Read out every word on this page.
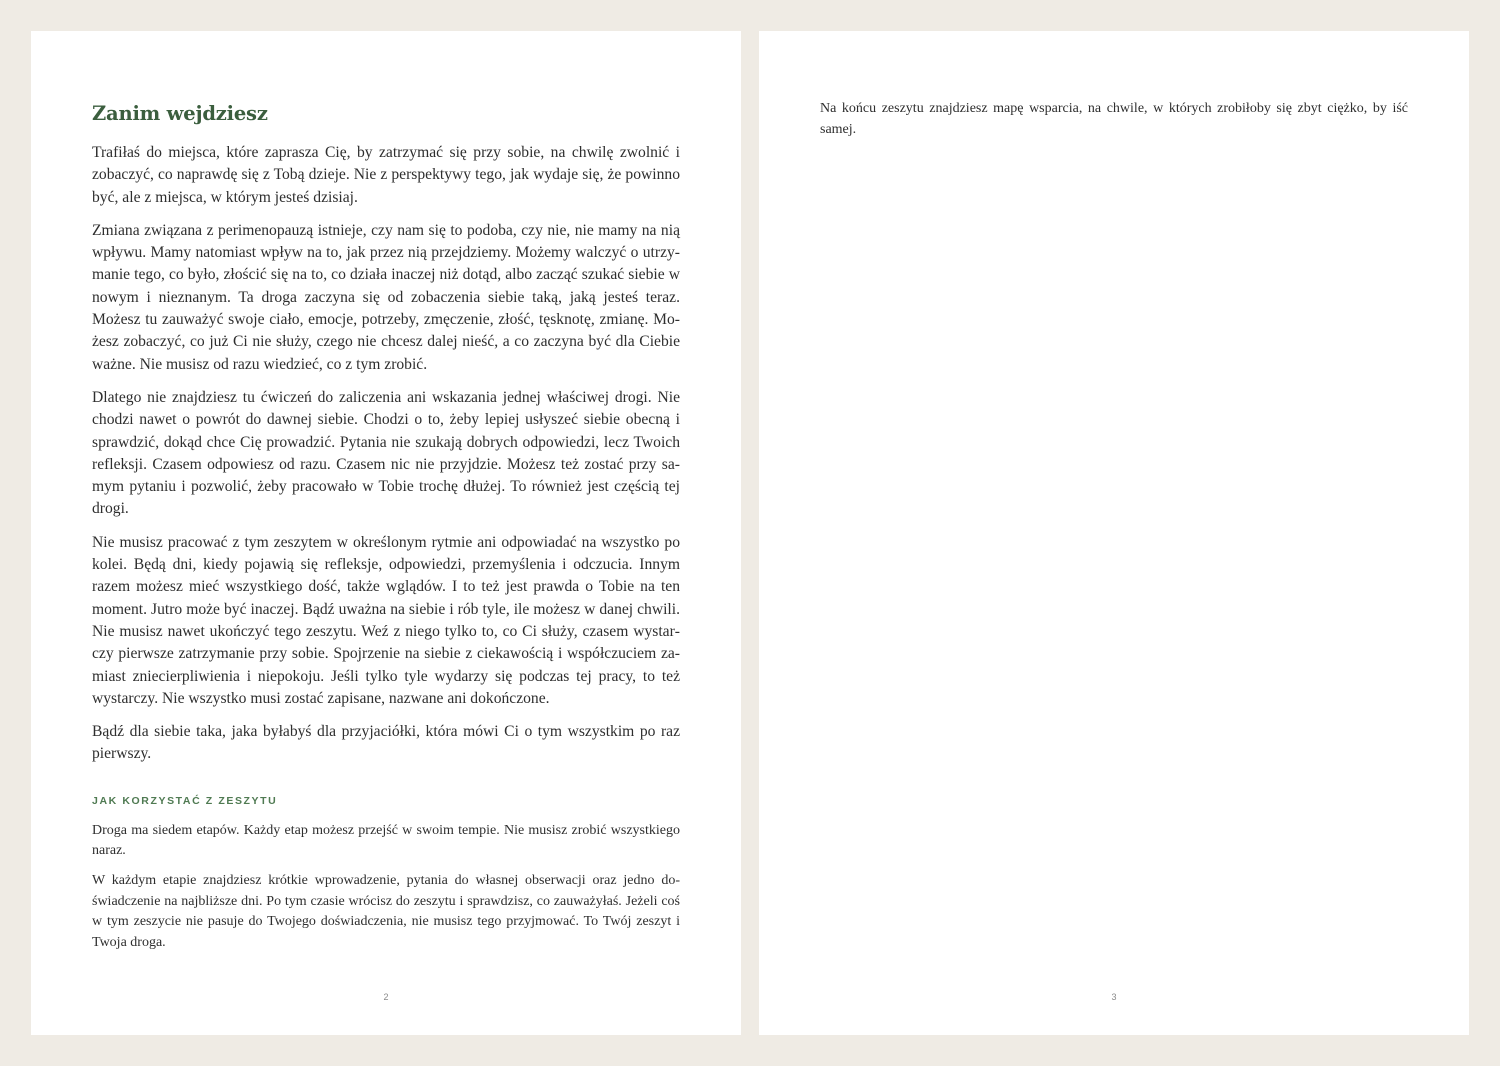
Zanim wejdziesz

Trafiłaś do miejsca, które zaprasza Cię, by zatrzymać się przy sobie, na chwilę zwolnić i zobaczyć, co naprawdę się z Tobą dzieje. Nie z perspektywy tego, jak wydaje się, że powinno być, ale z miejsca, w którym jesteś dzisiaj.

Zmiana związana z perimenopauzą istnieje, czy nam się to podoba, czy nie, nie mamy na nią wpływu. Mamy natomiast wpływ na to, jak przez nią przejdziemy. Możemy walczyć o utrzymanie tego, co było, złościć się na to, co działa inaczej niż dotąd, albo zacząć szukać siebie w nowym i nieznanym. Ta droga zaczyna się od zobaczenia siebie taką, jaką jesteś teraz. Możesz tu zauważyć swoje ciało, emocje, potrzeby, zmęczenie, złość, tęsknotę, zmianę. Możesz zobaczyć, co już Ci nie służy, czego nie chcesz dalej nieść, a co zaczyna być dla Ciebie ważne. Nie musisz od razu wiedzieć, co z tym zrobić.

Dlatego nie znajdziesz tu ćwiczeń do zaliczenia ani wskazania jednej właściwej drogi. Nie chodzi nawet o powrót do dawnej siebie. Chodzi o to, żeby lepiej usłyszeć siebie obecną i sprawdzić, dokąd chce Cię prowadzić. Pytania nie szukają dobrych odpowiedzi, lecz Twoich refleksji. Czasem odpowiesz od razu. Czasem nic nie przyjdzie. Możesz też zostać przy samym pytaniu i pozwolić, żeby pracowało w Tobie trochę dłużej. To również jest częścią tej drogi.

Nie musisz pracować z tym zeszytem w określonym rytmie ani odpowiadać na wszystko po kolei. Będą dni, kiedy pojawią się refleksje, odpowiedzi, przemyślenia i odczucia. Innym razem możesz mieć wszystkiego dość, także wglądów. I to też jest prawda o Tobie na ten moment. Jutro może być inaczej. Bądź uważna na siebie i rób tyle, ile możesz w danej chwili. Nie musisz nawet ukończyć tego zeszytu. Weź z niego tylko to, co Ci służy, czasem wystarczy pierwsze zatrzymanie przy sobie. Spojrzenie na siebie z ciekawością i współczuciem zamiast zniecierpliwienia i niepokoju. Jeśli tylko tyle wydarzy się podczas tej pracy, to też wystarczy. Nie wszystko musi zostać zapisane, nazwane ani dokończone.

Bądź dla siebie taka, jaka byłabyś dla przyjaciółki, która mówi Ci o tym wszystkim po raz pierwszy.

JAK KORZYSTAĆ Z ZESZYTU

Droga ma siedem etapów. Każdy etap możesz przejść w swoim tempie. Nie musisz zrobić wszystkiego naraz.

W każdym etapie znajdziesz krótkie wprowadzenie, pytania do własnej obserwacji oraz jedno doświadczenie na najbliższe dni. Po tym czasie wrócisz do zeszytu i sprawdzisz, co zauważyłaś. Jeżeli coś w tym zeszycie nie pasuje do Twojego doświadczenia, nie musisz tego przyjmować. To Twój zeszyt i Twoja droga.

2

Na końcu zeszytu znajdziesz mapę wsparcia, na chwile, w których zrobiłoby się zbyt ciężko, by iść samej.

3
